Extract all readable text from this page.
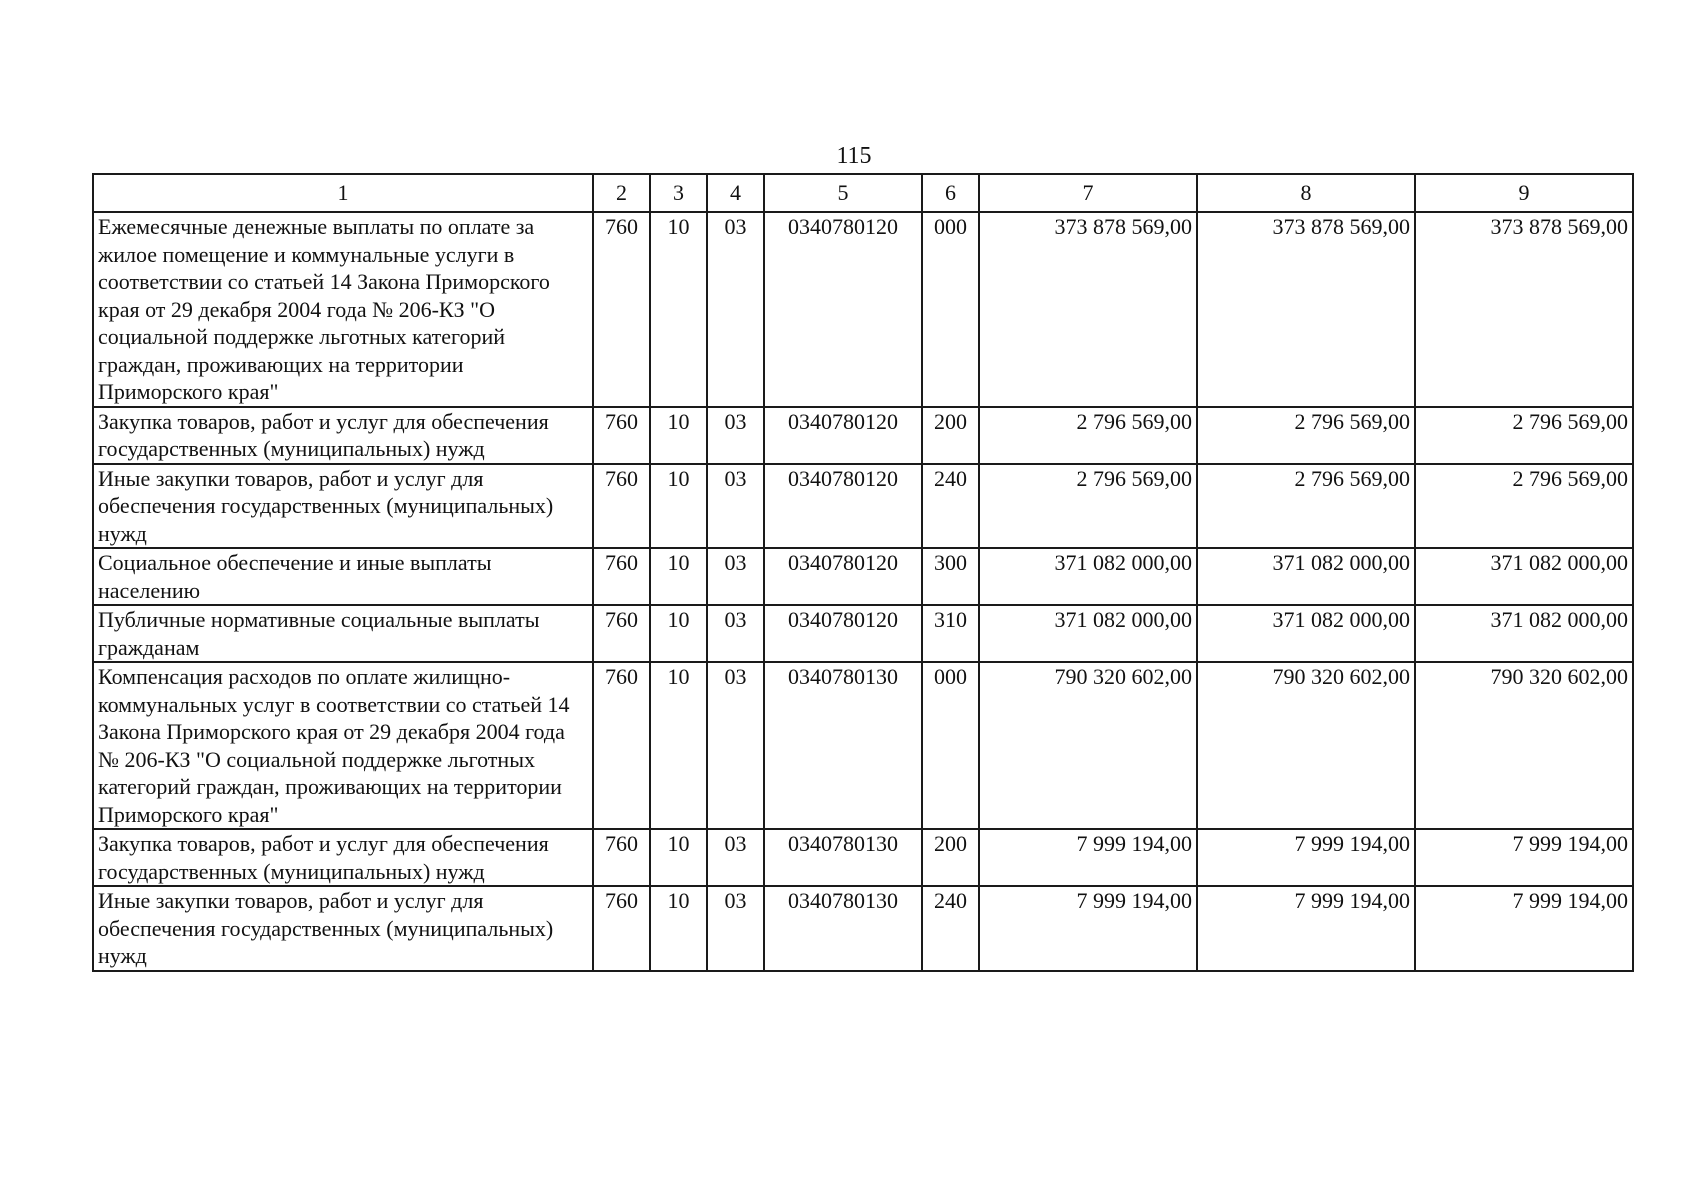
115
1	2	3	4	5	6	7	8	9
Ежемесячные денежные выплаты по оплате за жилое помещение и коммунальные услуги в соответствии со статьей 14 Закона Приморского края от 29 декабря 2004 года № 206-КЗ "О социальной поддержке льготных категорий граждан, проживающих на территории Приморского края"	760	10	03	0340780120	000	373 878 569,00	373 878 569,00	373 878 569,00
Закупка товаров, работ и услуг для обеспечения государственных (муниципальных) нужд	760	10	03	0340780120	200	2 796 569,00	2 796 569,00	2 796 569,00
Иные закупки товаров, работ и услуг для обеспечения государственных (муниципальных) нужд	760	10	03	0340780120	240	2 796 569,00	2 796 569,00	2 796 569,00
Социальное обеспечение и иные выплаты населению	760	10	03	0340780120	300	371 082 000,00	371 082 000,00	371 082 000,00
Публичные нормативные социальные выплаты гражданам	760	10	03	0340780120	310	371 082 000,00	371 082 000,00	371 082 000,00
Компенсация расходов по оплате жилищно-коммунальных услуг в соответствии со статьей 14 Закона Приморского края от 29 декабря 2004 года № 206-КЗ "О социальной поддержке льготных категорий граждан, проживающих на территории Приморского края"	760	10	03	0340780130	000	790 320 602,00	790 320 602,00	790 320 602,00
Закупка товаров, работ и услуг для обеспечения государственных (муниципальных) нужд	760	10	03	0340780130	200	7 999 194,00	7 999 194,00	7 999 194,00
Иные закупки товаров, работ и услуг для обеспечения государственных (муниципальных) нужд	760	10	03	0340780130	240	7 999 194,00	7 999 194,00	7 999 194,00
